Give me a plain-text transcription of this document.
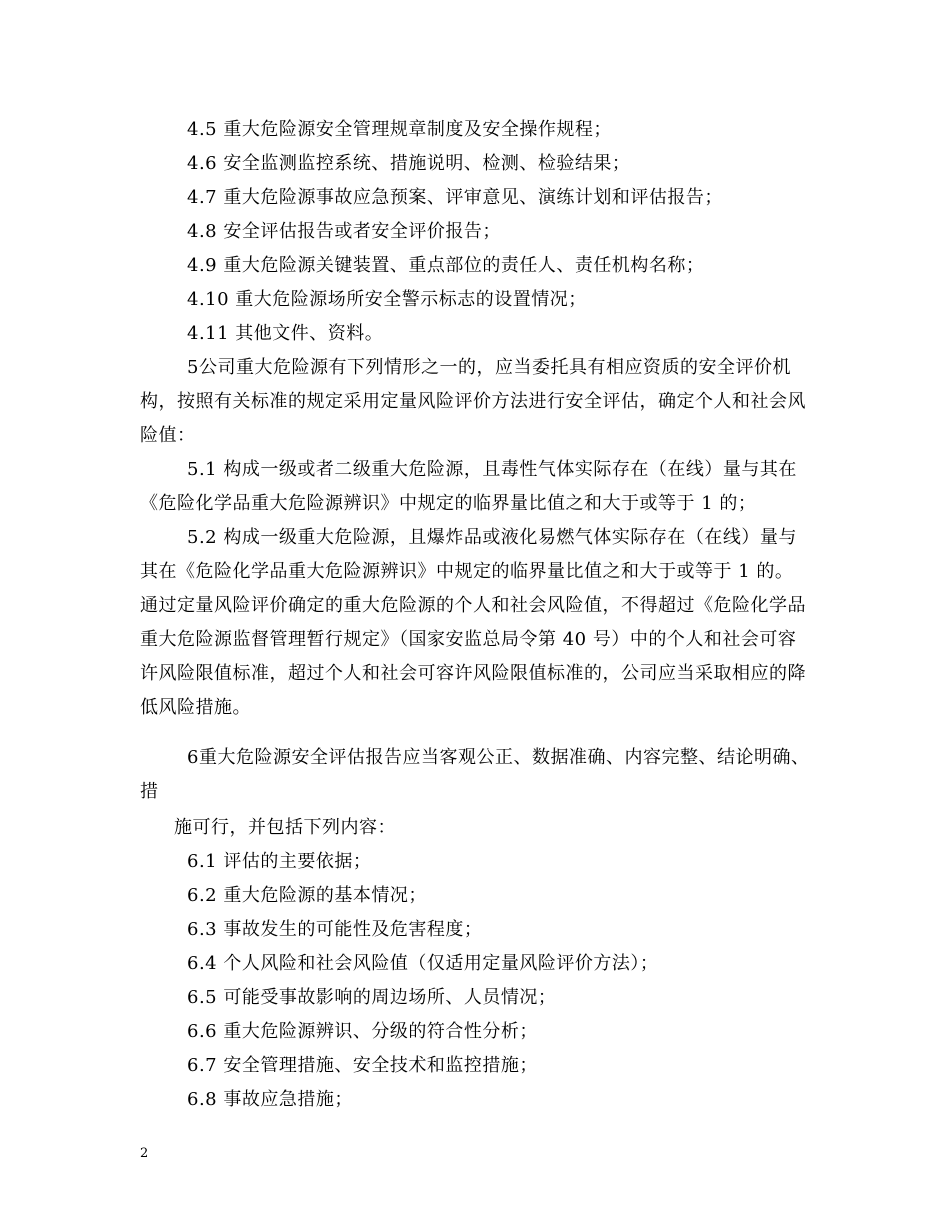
4.5 重大危险源安全管理规章制度及安全操作规程；
4.6 安全监测监控系统、措施说明、检测、检验结果；
4.7 重大危险源事故应急预案、评审意见、演练计划和评估报告；
4.8 安全评估报告或者安全评价报告；
4.9 重大危险源关键装置、重点部位的责任人、责任机构名称；
4.10 重大危险源场所安全警示标志的设置情况；
4.11 其他文件、资料。
5公司重大危险源有下列情形之一的，应当委托具有相应资质的安全评价机
构，按照有关标准的规定采用定量风险评价方法进行安全评估，确定个人和社会风
险值：
5.1 构成一级或者二级重大危险源，且毒性气体实际存在（在线）量与其在
《危险化学品重大危险源辨识》中规定的临界量比值之和大于或等于 1 的；
5.2 构成一级重大危险源，且爆炸品或液化易燃气体实际存在（在线）量与
其在《危险化学品重大危险源辨识》中规定的临界量比值之和大于或等于 1 的。
通过定量风险评价确定的重大危险源的个人和社会风险值，不得超过《危险化学品
重大危险源监督管理暂行规定》（国家安监总局令第 40 号）中的个人和社会可容
许风险限值标准，超过个人和社会可容许风险限值标准的，公司应当采取相应的降
低风险措施。
6重大危险源安全评估报告应当客观公正、数据准确、内容完整、结论明确、
措
施可行，并包括下列内容：
6.1 评估的主要依据；
6.2 重大危险源的基本情况；
6.3 事故发生的可能性及危害程度；
6.4 个人风险和社会风险值（仅适用定量风险评价方法）；
6.5 可能受事故影响的周边场所、人员情况；
6.6 重大危险源辨识、分级的符合性分析；
6.7 安全管理措施、安全技术和监控措施；
6.8 事故应急措施；
2
